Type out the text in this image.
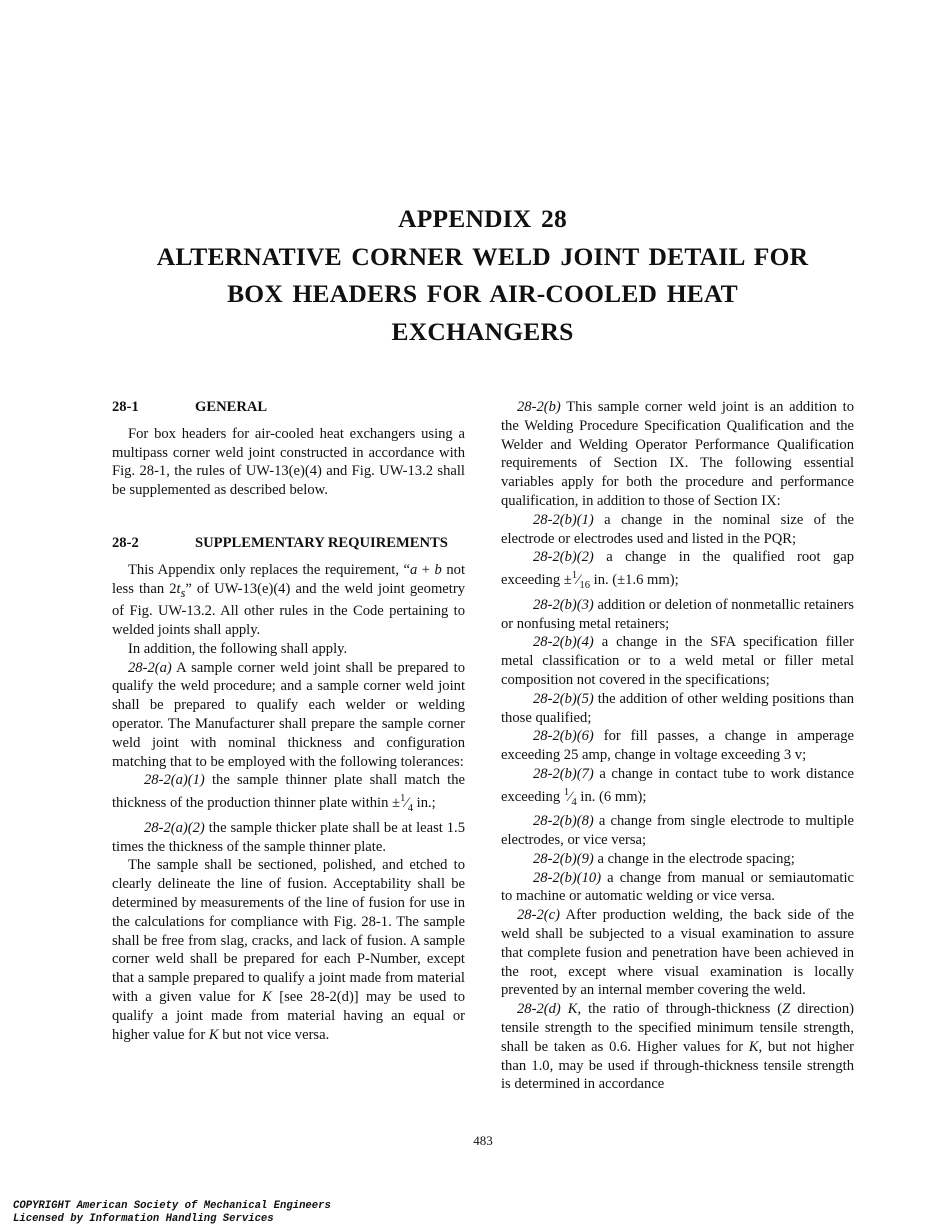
APPENDIX 28
ALTERNATIVE CORNER WELD JOINT DETAIL FOR
BOX HEADERS FOR AIR-COOLED HEAT
EXCHANGERS
28-1	GENERAL

For box headers for air-cooled heat exchangers using a multipass corner weld joint constructed in accordance with Fig. 28-1, the rules of UW-13(e)(4) and Fig. UW-13.2 shall be supplemented as described below.

28-2	SUPPLEMENTARY REQUIREMENTS

This Appendix only replaces the requirement, “a + b not less than $2t_s$” of UW-13(e)(4) and the weld joint geometry of Fig. UW-13.2. All other rules in the Code pertaining to welded joints shall apply.

In addition, the following shall apply.

28-2(a) A sample corner weld joint shall be prepared to qualify the weld procedure; and a sample corner weld joint shall be prepared to qualify each welder or welding operator. The Manufacturer shall prepare the sample corner weld joint with nominal thickness and configuration matching that to be employed with the following tolerances:

28-2(a)(1) the sample thinner plate shall match the thickness of the production thinner plate within $\pm^1⁄_4$ in.;

28-2(a)(2) the sample thicker plate shall be at least 1.5 times the thickness of the sample thinner plate.

The sample shall be sectioned, polished, and etched to clearly delineate the line of fusion. Acceptability shall be determined by measurements of the line of fusion for use in the calculations for compliance with Fig. 28-1. The sample shall be free from slag, cracks, and lack of fusion. A sample corner weld shall be prepared for each P-Number, except that a sample prepared to qualify a joint made from material with a given value for K [see 28-2(d)] may be used to qualify a joint made from material having an equal or higher value for K but not vice versa.

28-2(b) This sample corner weld joint is an addition to the Welding Procedure Specification Qualification and the Welder and Welding Operator Performance Qualification requirements of Section IX. The following essential variables apply for both the procedure and performance qualification, in addition to those of Section IX:

28-2(b)(1) a change in the nominal size of the electrode or electrodes used and listed in the PQR;

28-2(b)(2) a change in the qualified root gap exceeding $\pm^1⁄_{16}$ in. (±1.6 mm);

28-2(b)(3) addition or deletion of nonmetallic retainers or nonfusing metal retainers;

28-2(b)(4) a change in the SFA specification filler metal classification or to a weld metal or filler metal composition not covered in the specifications;

28-2(b)(5) the addition of other welding positions than those qualified;

28-2(b)(6) for fill passes, a change in amperage exceeding 25 amp, change in voltage exceeding 3 v;

28-2(b)(7) a change in contact tube to work distance exceeding $^1⁄_4$ in. (6 mm);

28-2(b)(8) a change from single electrode to multiple electrodes, or vice versa;

28-2(b)(9) a change in the electrode spacing;

28-2(b)(10) a change from manual or semiautomatic to machine or automatic welding or vice versa.

28-2(c) After production welding, the back side of the weld shall be subjected to a visual examination to assure that complete fusion and penetration have been achieved in the root, except where visual examination is locally prevented by an internal member covering the weld.

28-2(d) K, the ratio of through-thickness (Z direction) tensile strength to the specified minimum tensile strength, shall be taken as 0.6. Higher values for K, but not higher than 1.0, may be used if through-thickness tensile strength is determined in accordance

483
COPYRIGHT American Society of Mechanical Engineers
Licensed by Information Handling Services
